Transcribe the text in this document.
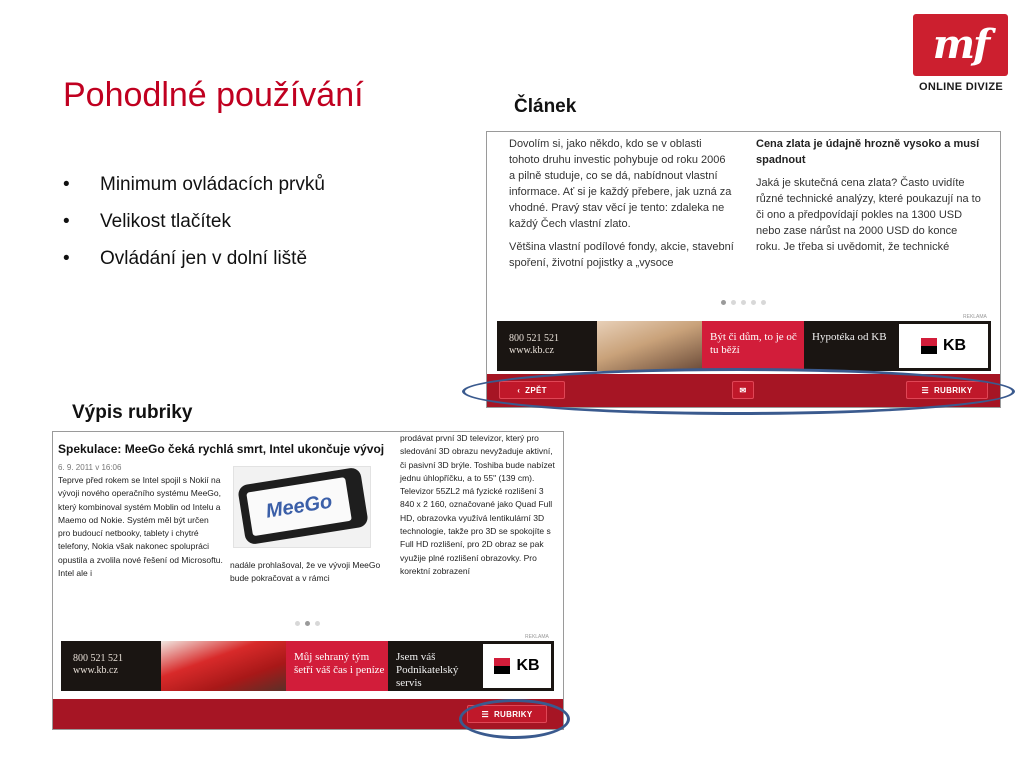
mf
ONLINE DIVIZE
Pohodlné používání
• Minimum ovládacích prvků
• Velikost tlačítek
• Ovládání jen v dolní liště
Článek
Výpis rubriky

Dovolím si, jako někdo, kdo se v oblasti tohoto druhu investic pohybuje od roku 2006 a pilně studuje, co se dá, nabídnout vlastní informace. Ať si je každý přebere, jak uzná za vhodné. Pravý stav věcí je tento: zdaleka ne každý Čech vlastní zlato.

Většina vlastní podílové fondy, akcie, stavební spoření, životní pojistky a „vysoce

Cena zlata je údajně hrozně vysoko a musí spadnout

Jaká je skutečná cena zlata? Často uvidíte různé technické analýzy, které poukazují na to či ono a předpovídají pokles na 1300 USD nebo zase nárůst na 2000 USD do konce roku. Je třeba si uvědomit, že technické

REKLAMA
800 521 521
www.kb.cz
Být či dům, to je oč tu běží
Hypotéka od KB	KB
‹ ZPĚT	✉	☰ RUBRIKY
Spekulace: MeeGo čeká rychlá smrt, Intel ukončuje vývoj
6. 9. 2011 v 16:06
Teprve před rokem se Intel spojil s Nokií na vývoji nového operačního systému MeeGo, který kombinoval systém Moblin od Intelu a Maemo od Nokie. Systém měl být určen pro budoucí netbooky, tablety i chytré telefony, Nokia však nakonec spolupráci opustila a zvolila nové řešení od Microsoftu. Intel ale i
MeeGo
nadále prohlašoval, že ve vývoji MeeGo bude pokračovat a v rámci
prodávat první 3D televizor, který pro sledování 3D obrazu nevyžaduje aktivní, či pasivní 3D brýle. Toshiba bude nabízet jednu úhlopříčku, a to 55" (139 cm). Televizor 55ZL2 má fyzické rozlišení 3 840 x 2 160, označované jako Quad Full HD, obrazovka využívá lentikulární 3D technologie, takže pro 3D se spokojíte s Full HD rozlišení, pro 2D obraz se pak využije plné rozlišení obrazovky. Pro korektní zobrazení
REKLAMA
800 521 521
www.kb.cz
Můj sehraný tým šetří váš čas i peníze
Jsem váš Podnikatelský servis
KB
☰ RUBRIKY
